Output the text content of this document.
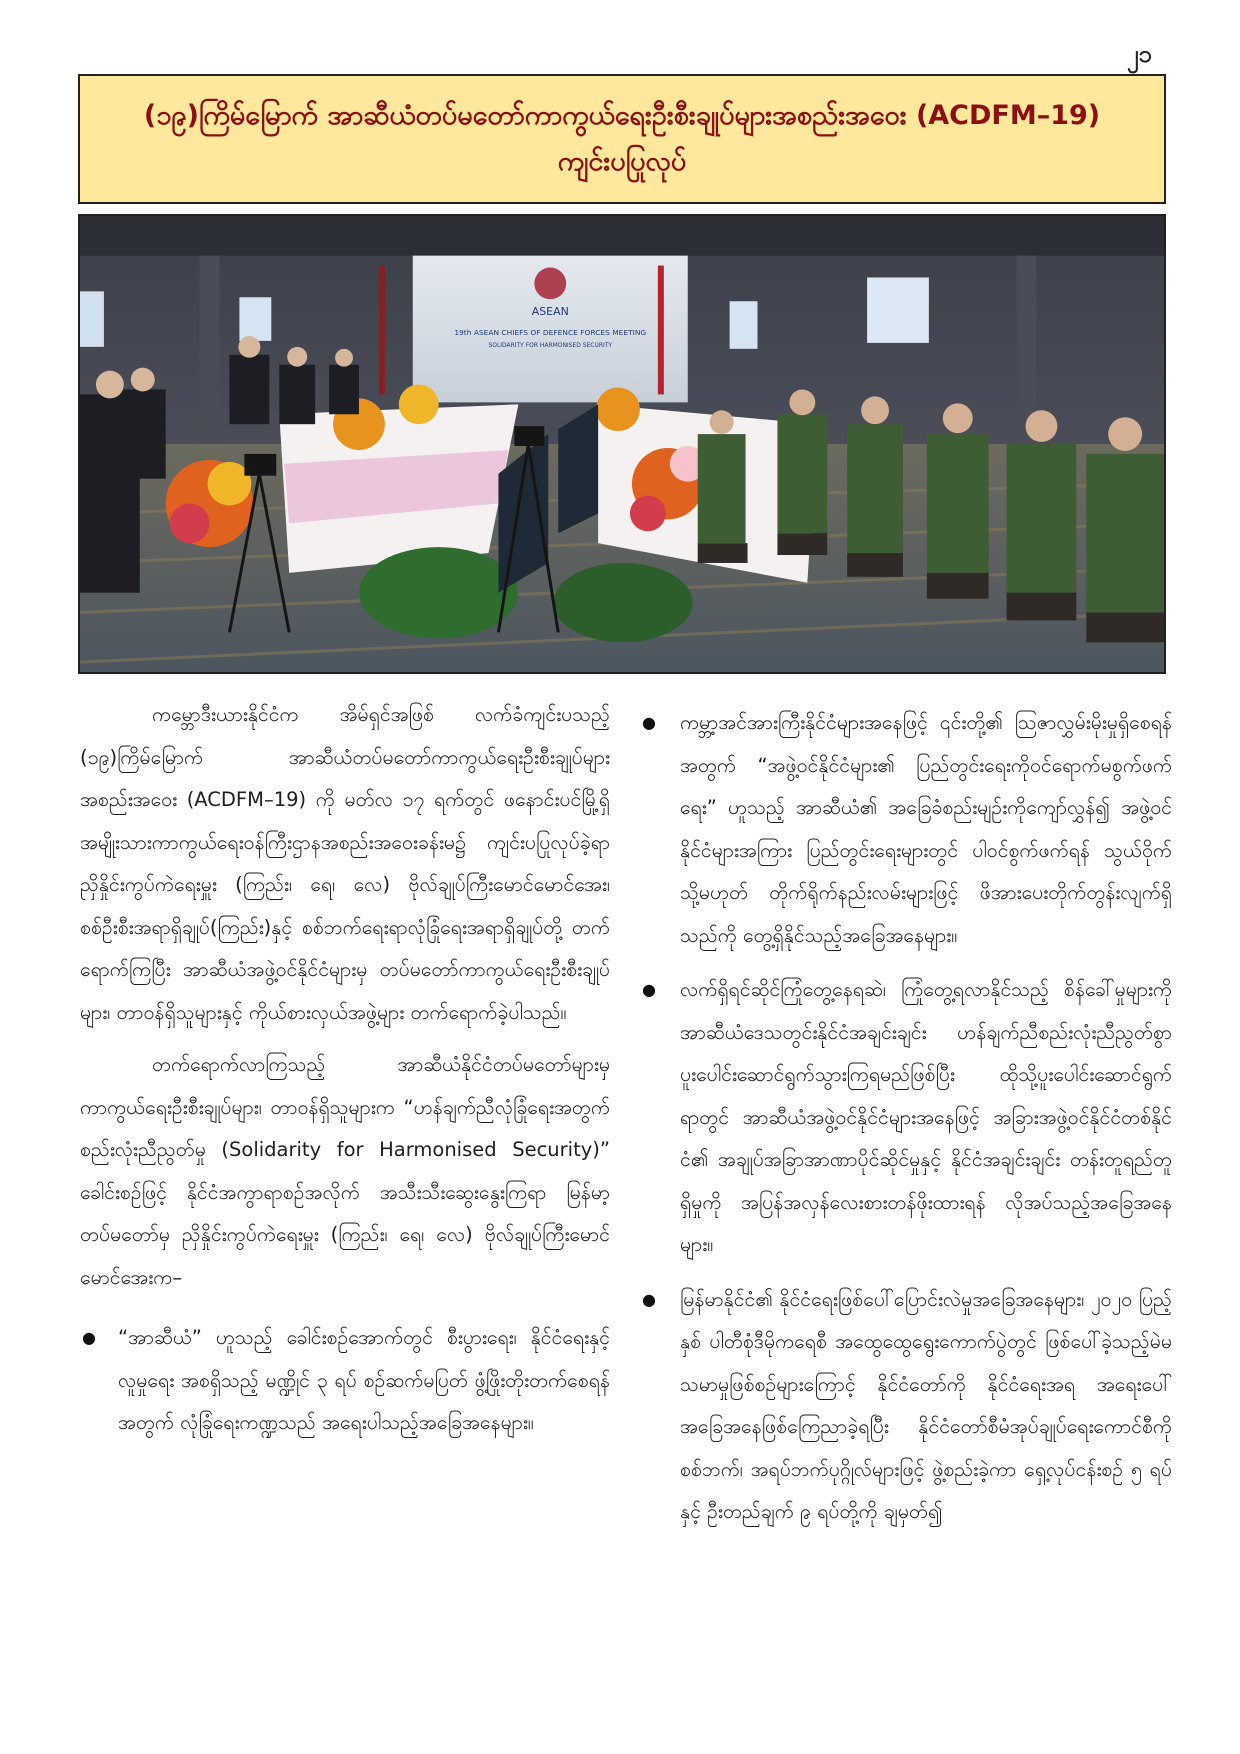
၂၁
(၁၉)ကြိမ်မြောက် အာဆီယံတပ်မတော်ကာကွယ်ရေးဦးစီးချုပ်များအစည်းအဝေး (ACDFM–19)
ကျင်းပပြုလုပ်
ASEAN
19th ASEAN CHIEFS OF DEFENCE FORCES MEETING
SOLIDARITY FOR HARMONISED SECURITY

ကမ္ဘောဒီးယားနိုင်ငံက အိမ်ရှင်အဖြစ် လက်ခံကျင်းပသည့် (၁၉)ကြိမ်မြောက် အာဆီယံတပ်မတော်ကာကွယ်ရေးဦးစီးချုပ်များအစည်းအဝေး (ACDFM–19) ကို မတ်လ ၁၇ ရက်တွင် ဖနောင်းပင်မြို့ရှိ အမျိုးသားကာကွယ်ရေးဝန်ကြီးဌာနအစည်းအဝေးခန်းမ၌ ကျင်းပပြုလုပ်ခဲ့ရာ ညှိနှိုင်းကွပ်ကဲရေးမှူး (ကြည်း၊ ရေ၊ လေ) ဗိုလ်ချုပ်ကြီးမောင်မောင်အေး၊ စစ်ဦးစီးအရာရှိချုပ်(ကြည်း)နှင့် စစ်ဘက်ရေးရာလုံခြုံရေးအရာရှိချုပ်တို့ တက်ရောက်ကြပြီး အာဆီယံအဖွဲ့ဝင်နိုင်ငံများမှ တပ်မတော်ကာကွယ်ရေးဦးစီးချုပ်များ၊ တာဝန်ရှိသူများနှင့် ကိုယ်စားလှယ်အဖွဲ့များ တက်ရောက်ခဲ့ပါသည်။

တက်ရောက်လာကြသည့် အာဆီယံနိုင်ငံတပ်မတော်များမှ ကာကွယ်ရေးဦးစီးချုပ်များ၊ တာဝန်ရှိသူများက “ဟန်ချက်ညီလုံခြုံရေးအတွက် စည်းလုံးညီညွတ်မှု (Solidarity for Harmonised Security)” ခေါင်းစဉ်ဖြင့် နိုင်ငံအကွာရာစဉ်အလိုက် အသီးသီးဆွေးနွေးကြရာ မြန်မာ့တပ်မတော်မှ ညှိနှိုင်းကွပ်ကဲရေးမှူး (ကြည်း၊ ရေ၊ လေ) ဗိုလ်ချုပ်ကြီးမောင်မောင်အေးက–

● “အာဆီယံ” ဟူသည့် ခေါင်းစဉ်အောက်တွင် စီးပွားရေး၊ နိုင်ငံရေးနှင့် လူမှုရေး အစရှိသည့် မဏ္ဍိုင် ၃ ရပ် စဉ်ဆက်မပြတ် ဖွံ့ဖြိုးတိုးတက်စေရန်အတွက် လုံခြုံရေးကဏ္ဍသည် အရေးပါသည့်အခြေအနေများ။
● ကမ္ဘာ့အင်အားကြီးနိုင်ငံများအနေဖြင့် ၎င်းတို့၏ သြဇာလွှမ်းမိုးမှုရှိစေရန်အတွက် “အဖွဲ့ဝင်နိုင်ငံများ၏ ပြည်တွင်းရေးကိုဝင်ရောက်မစွက်ဖက်ရေး” ဟူသည့် အာဆီယံ၏ အခြေခံစည်းမျဉ်းကိုကျော်လွှန်၍ အဖွဲ့ဝင်နိုင်ငံများအကြား ပြည်တွင်းရေးများတွင် ပါဝင်စွက်ဖက်ရန် သွယ်ဝိုက် သို့မဟုတ် တိုက်ရိုက်နည်းလမ်းများဖြင့် ဖိအားပေးတိုက်တွန်းလျက်ရှိသည်ကို တွေ့ရှိနိုင်သည့်အခြေအနေများ။
● လက်ရှိရင်ဆိုင်ကြုံတွေ့နေရဆဲ၊ ကြုံတွေ့ရလာနိုင်သည့် စိန်ခေါ်မှုများကို အာဆီယံဒေသတွင်းနိုင်ငံအချင်းချင်း ဟန်ချက်ညီစည်းလုံးညီညွတ်စွာ ပူးပေါင်းဆောင်ရွက်သွားကြရမည်ဖြစ်ပြီး ထိုသို့ပူးပေါင်းဆောင်ရွက်ရာတွင် အာဆီယံအဖွဲ့ဝင်နိုင်ငံများအနေဖြင့် အခြားအဖွဲ့ဝင်နိုင်ငံတစ်နိုင်ငံ၏ အချုပ်အခြာအာဏာပိုင်ဆိုင်မှုနှင့် နိုင်ငံအချင်းချင်း တန်းတူရည်တူရှိမှုကို အပြန်အလှန်လေးစားတန်ဖိုးထားရန် လိုအပ်သည့်အခြေအနေများ။
● မြန်မာနိုင်ငံ၏ နိုင်ငံရေးဖြစ်ပေါ်ပြောင်းလဲမှုအခြေအနေများ၊ ၂၀၂၀ ပြည့်နှစ် ပါတီစုံဒီမိုကရေစီ အထွေထွေရွေးကောက်ပွဲတွင် ဖြစ်ပေါ်ခဲ့သည့်မဲမသမာမှုဖြစ်စဉ်များကြောင့် နိုင်ငံတော်ကို နိုင်ငံရေးအရ အရေးပေါ်အခြေအနေဖြစ်ကြေညာခဲ့ရပြီး နိုင်ငံတော်စီမံအုပ်ချုပ်ရေးကောင်စီကို စစ်ဘက်၊ အရပ်ဘက်ပုဂ္ဂိုလ်များဖြင့် ဖွဲ့စည်းခဲ့ကာ ရှေ့လုပ်ငန်းစဉ် ၅ ရပ်နှင့် ဦးတည်ချက် ၉ ရပ်တို့ကို ချမှတ်၍
